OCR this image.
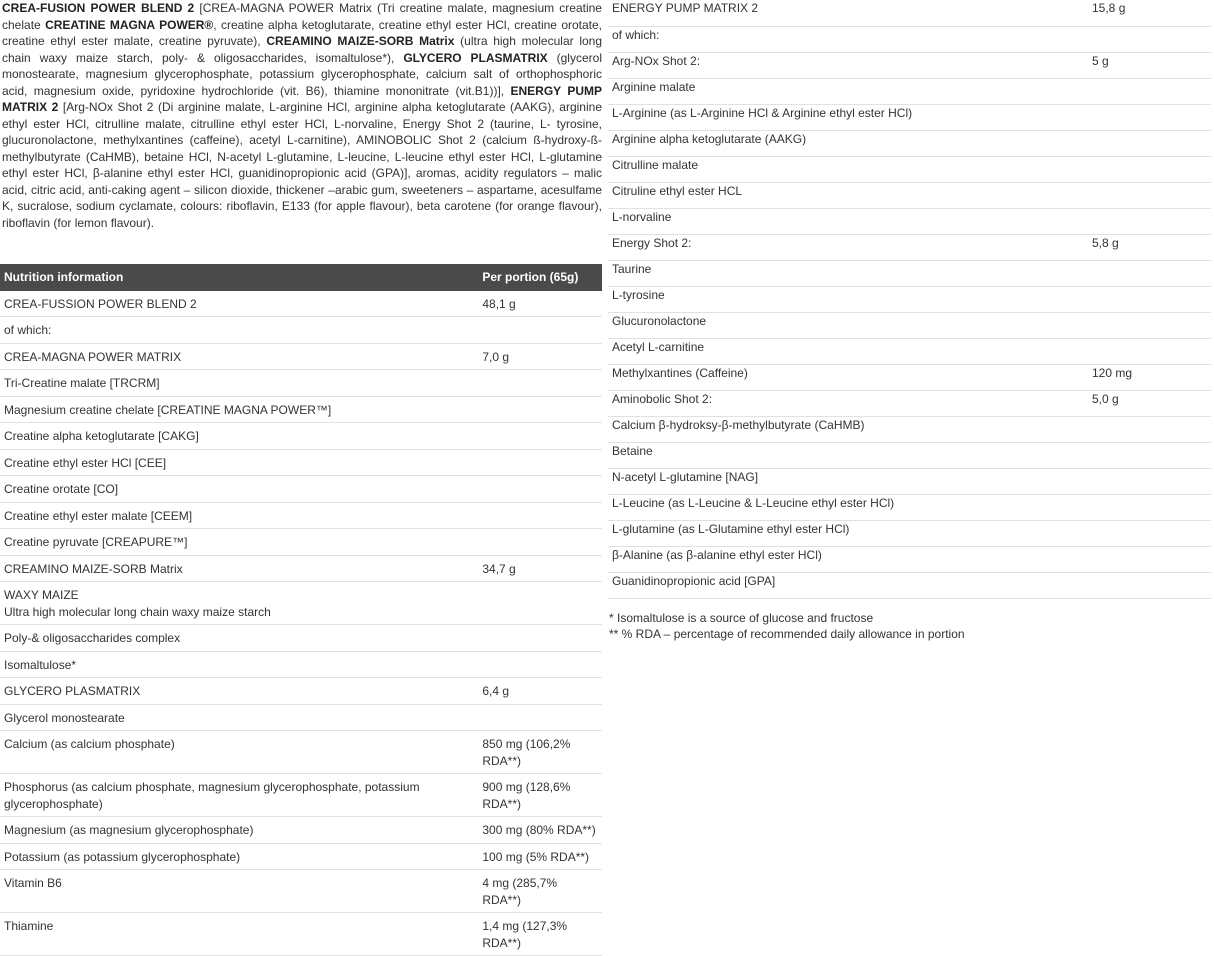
CREA-FUSION POWER BLEND 2 [CREA-MAGNA POWER Matrix (Tri creatine malate, magnesium creatine chelate CREATINE MAGNA POWER®, creatine alpha ketoglutarate, creatine ethyl ester HCl, creatine orotate, creatine ethyl ester malate, creatine pyruvate), CREAMINO MAIZE-SORB Matrix (ultra high molecular long chain waxy maize starch, poly- & oligosaccharides, isomaltulose*), GLYCERO PLASMATRIX (glycerol monostearate, magnesium glycerophosphate, potassium glycerophosphate, calcium salt of orthophosphoric acid, magnesium oxide, pyridoxine hydrochloride (vit. B6), thiamine mononitrate (vit.B1))], ENERGY PUMP MATRIX 2 [Arg-NOx Shot 2 (Di arginine malate, L-arginine HCl, arginine alpha ketoglutarate (AAKG), arginine ethyl ester HCl, citrulline malate, citrulline ethyl ester HCl, L-norvaline, Energy Shot 2 (taurine, L- tyrosine, glucuronolactone, methylxantines (caffeine), acetyl L-carnitine), AMINOBOLIC Shot 2 (calcium ß-hydroxy-ß-methylbutyrate (CaHMB), betaine HCl, N-acetyl L-glutamine, L-leucine, L-leucine ethyl ester HCl, L-glutamine ethyl ester HCl, β-alanine ethyl ester HCl, guanidinopropionic acid (GPA)], aromas, acidity regulators – malic acid, citric acid, anti-caking agent – silicon dioxide, thickener –arabic gum, sweeteners – aspartame, acesulfame K, sucralose, sodium cyclamate, colours: riboflavin, E133 (for apple flavour), beta carotene (for orange flavour), riboflavin (for lemon flavour).

Nutrition information	Per portion (65g)
CREA-FUSSION POWER BLEND 2	48,1 g
of which:	
CREA-MAGNA POWER MATRIX	7,0 g
Tri-Creatine malate [TRCRM]	
Magnesium creatine chelate [CREATINE MAGNA POWER™]	
Creatine alpha ketoglutarate [CAKG]	
Creatine ethyl ester HCl [CEE]	
Creatine orotate [CO]	
Creatine ethyl ester malate [CEEM]	
Creatine pyruvate [CREAPURE™]	
CREAMINO MAIZE-SORB Matrix	34,7 g
WAXY MAIZE
Ultra high molecular long chain waxy maize starch	
Poly-& oligosaccharides complex	
Isomaltulose*	
GLYCERO PLASMATRIX	6,4 g
Glycerol monostearate	
Calcium (as calcium phosphate)	850 mg (106,2% RDA**)
Phosphorus (as calcium phosphate, magnesium glycerophosphate, potassium glycerophosphate)	900 mg (128,6% RDA**)
Magnesium (as magnesium glycerophosphate)	300 mg (80% RDA**)
Potassium (as potassium glycerophosphate)	100 mg (5% RDA**)
Vitamin B6	4 mg (285,7% RDA**)
Thiamine	1,4 mg (127,3% RDA**)
ENERGY PUMP MATRIX 2	15,8 g
of which:	
Arg-NOx Shot 2:	5 g
Arginine malate	
L-Arginine (as L-Arginine HCl & Arginine ethyl ester HCl)	
Arginine alpha ketoglutarate (AAKG)	
Citrulline malate	
Citruline ethyl ester HCL	
L-norvaline	
Energy Shot 2:	5,8 g
Taurine	
L-tyrosine	
Glucuronolactone	
Acetyl L-carnitine	
Methylxantines (Caffeine)	120 mg
Aminobolic Shot 2:	5,0 g
Calcium β-hydroksy-β-methylbutyrate (CaHMB)	
Betaine	
N-acetyl L-glutamine [NAG]	
L-Leucine (as L-Leucine & L-Leucine ethyl ester HCl)	
L-glutamine (as L-Glutamine ethyl ester HCl)	
β-Alanine (as β-alanine ethyl ester HCl)	
Guanidinopropionic acid [GPA]	
* Isomaltulose is a source of glucose and fructose
** % RDA – percentage of recommended daily allowance in portion
